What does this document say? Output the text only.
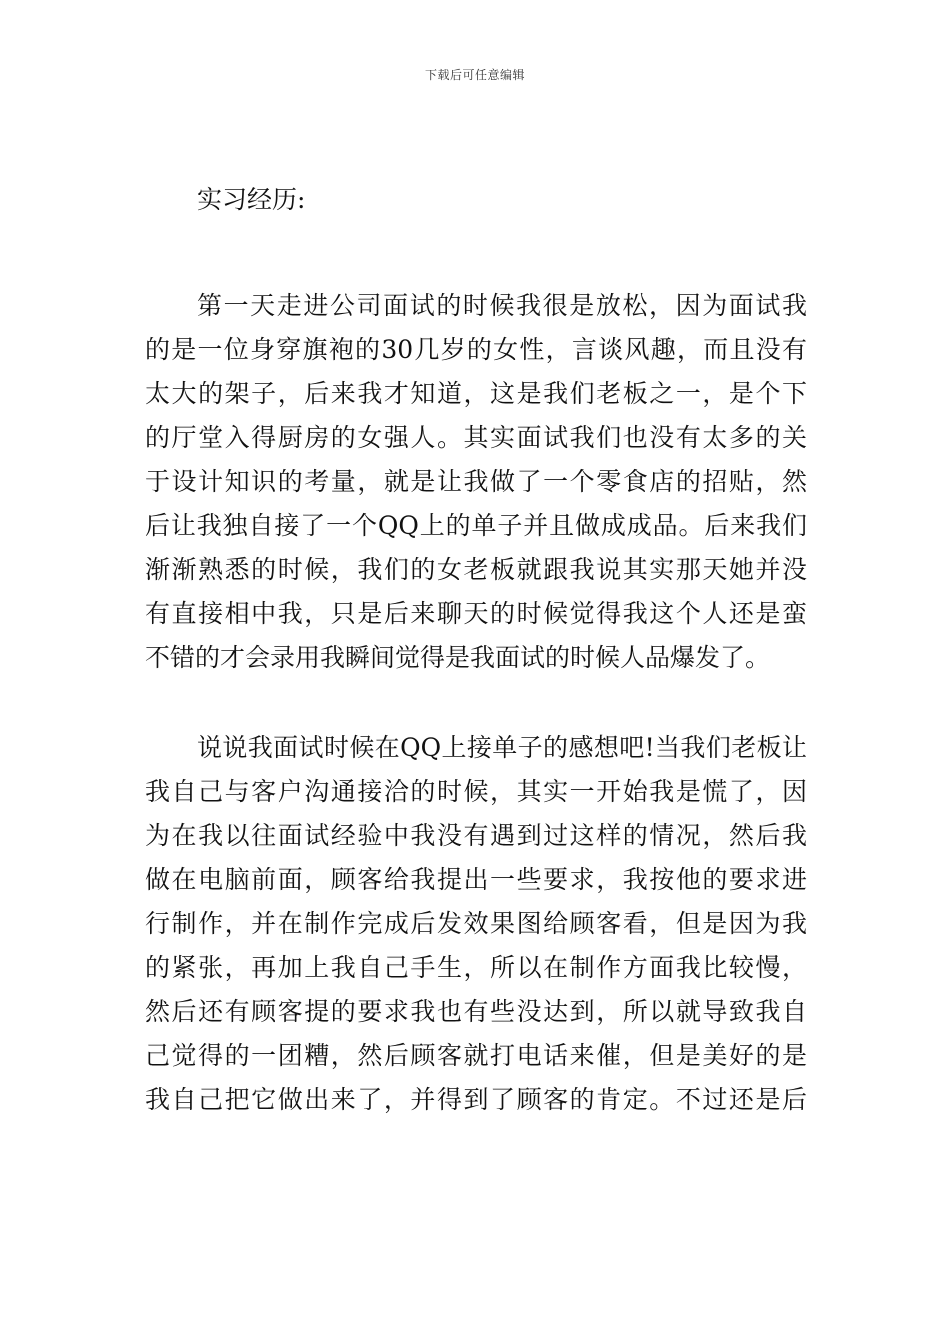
下载后可任意编辑
实习经历:
第一天走进公司面试的时候我很是放松，因为面试我
的是一位身穿旗袍的30几岁的女性，言谈风趣，而且没有
太大的架子，后来我才知道，这是我们老板之一，是个下
的厅堂入得厨房的女强人。其实面试我们也没有太多的关
于设计知识的考量，就是让我做了一个零食店的招贴，然
后让我独自接了一个QQ上的单子并且做成成品。后来我们
渐渐熟悉的时候，我们的女老板就跟我说其实那天她并没
有直接相中我，只是后来聊天的时候觉得我这个人还是蛮
不错的才会录用我瞬间觉得是我面试的时候人品爆发了。
说说我面试时候在QQ上接单子的感想吧!当我们老板让
我自己与客户沟通接洽的时候，其实一开始我是慌了，因
为在我以往面试经验中我没有遇到过这样的情况，然后我
做在电脑前面，顾客给我提出一些要求，我按他的要求进
行制作，并在制作完成后发效果图给顾客看，但是因为我
的紧张，再加上我自己手生，所以在制作方面我比较慢，
然后还有顾客提的要求我也有些没达到，所以就导致我自
己觉得的一团糟，然后顾客就打电话来催，但是美好的是
我自己把它做出来了，并得到了顾客的肯定。不过还是后
